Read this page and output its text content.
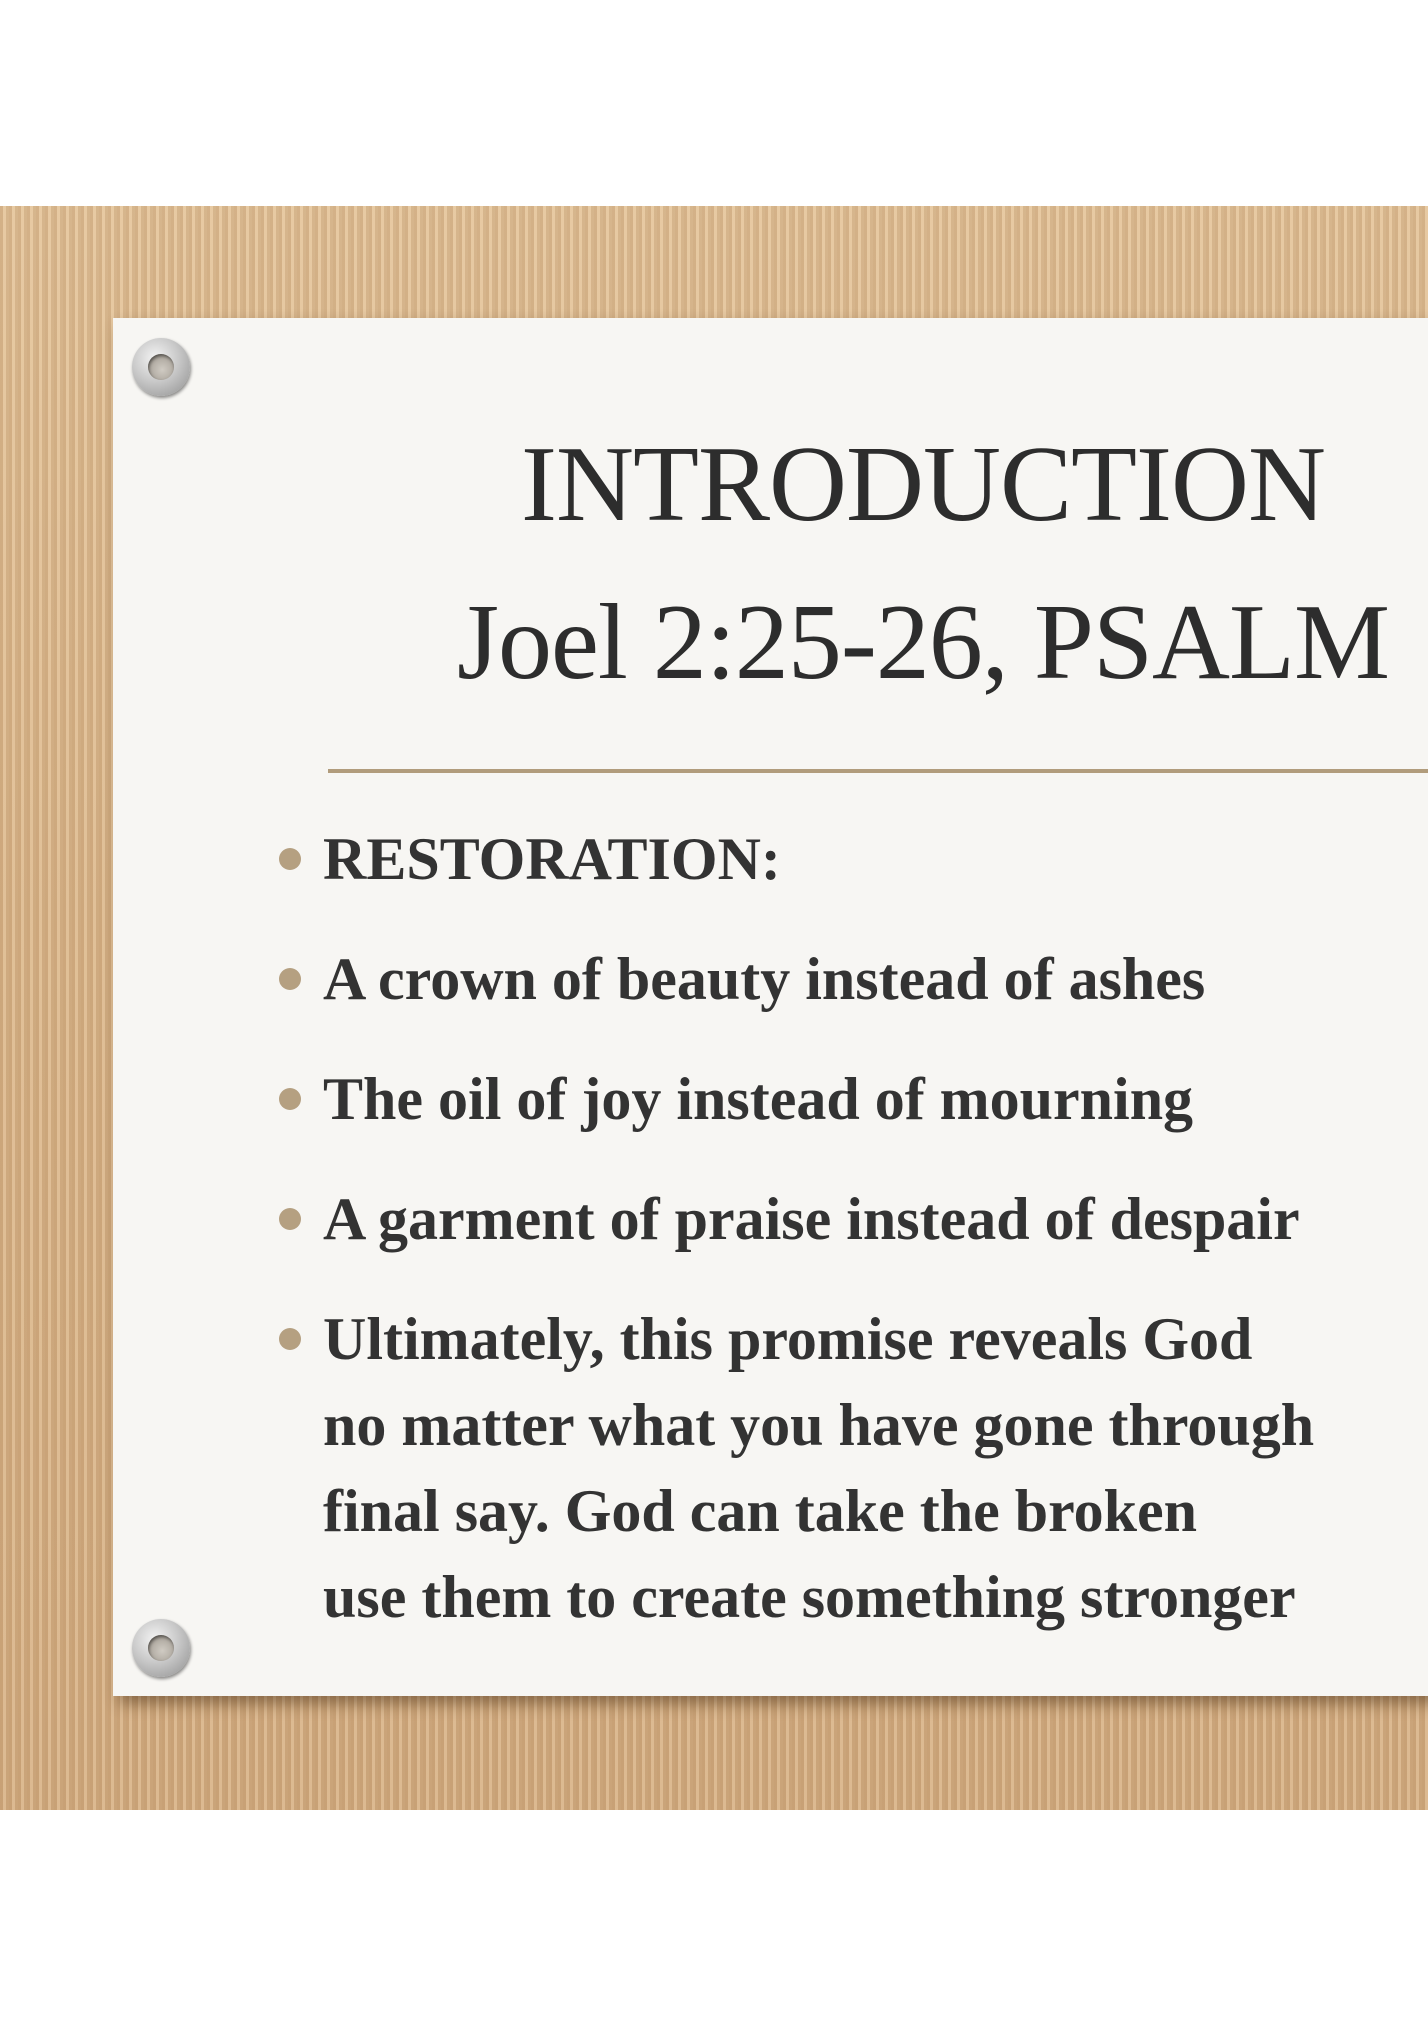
INTRODUCTION
Joel 2:25-26, PSALM
RESTORATION:
A crown of beauty instead of ashes
The oil of joy instead of mourning
A garment of praise instead of despair
Ultimately, this promise reveals God
no matter what you have gone through
final say. God can take the broken
use them to create something stronger
